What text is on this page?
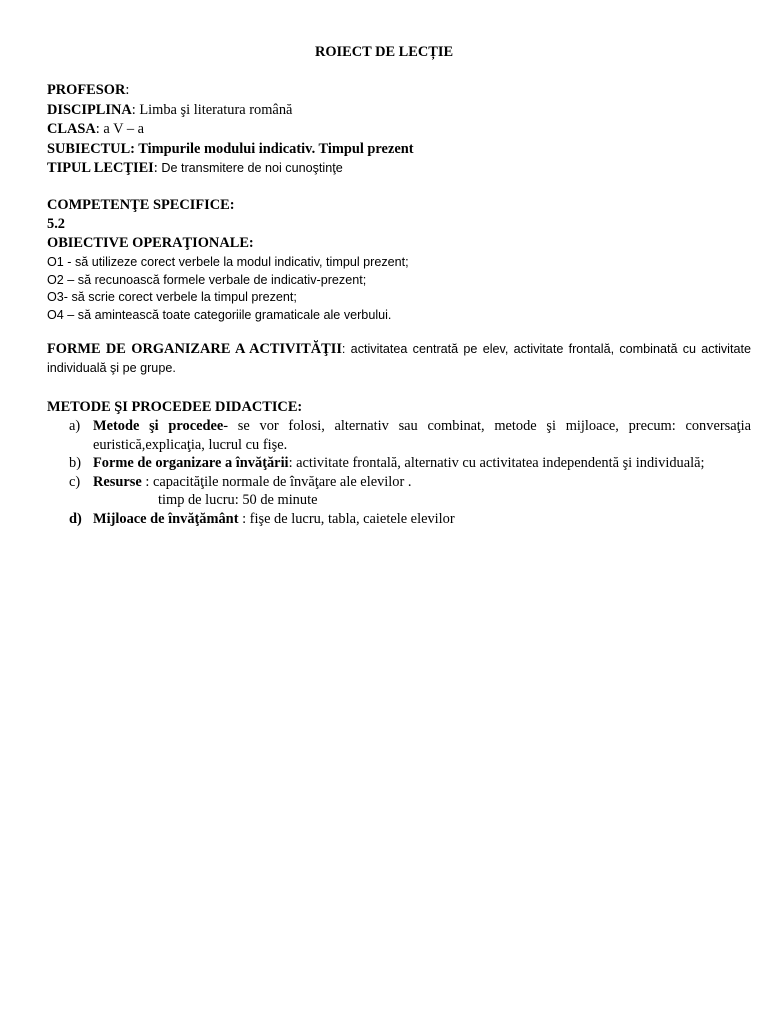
ROIECT DE LECȚIE
PROFESOR:
DISCIPLINA: Limba şi literatura română
CLASA: a V – a
SUBIECTUL: Timpurile modului indicativ. Timpul prezent
TIPUL LECŢIEI: De transmitere de noi cunoştinţe
COMPETENŢE SPECIFICE:
5.2
OBIECTIVE OPERAŢIONALE:
O1 - să utilizeze corect verbele la modul indicativ, timpul prezent;
O2 – să recunoască formele verbale de indicativ-prezent;
O3- să scrie corect verbele la timpul prezent;
O4 – să amintească toate categoriile gramaticale ale verbului.
FORME DE ORGANIZARE A ACTIVITĂŢII: activitatea centrată pe elev, activitate frontală, combinată cu activitate individuală şi pe grupe.
METODE ŞI PROCEDEE DIDACTICE:
a) Metode şi procedee- se vor folosi, alternativ sau combinat, metode şi mijloace, precum: conversaţia euristică,explicaţia, lucrul cu fişe.
b) Forme de organizare a învăţării: activitate frontală, alternativ cu activitatea independentă şi individuală;
c) Resurse : capacităţile normale de învăţare ale elevilor .
timp de lucru: 50 de minute
d) Mijloace de învăţământ : fişe de lucru, tabla, caietele elevilor
